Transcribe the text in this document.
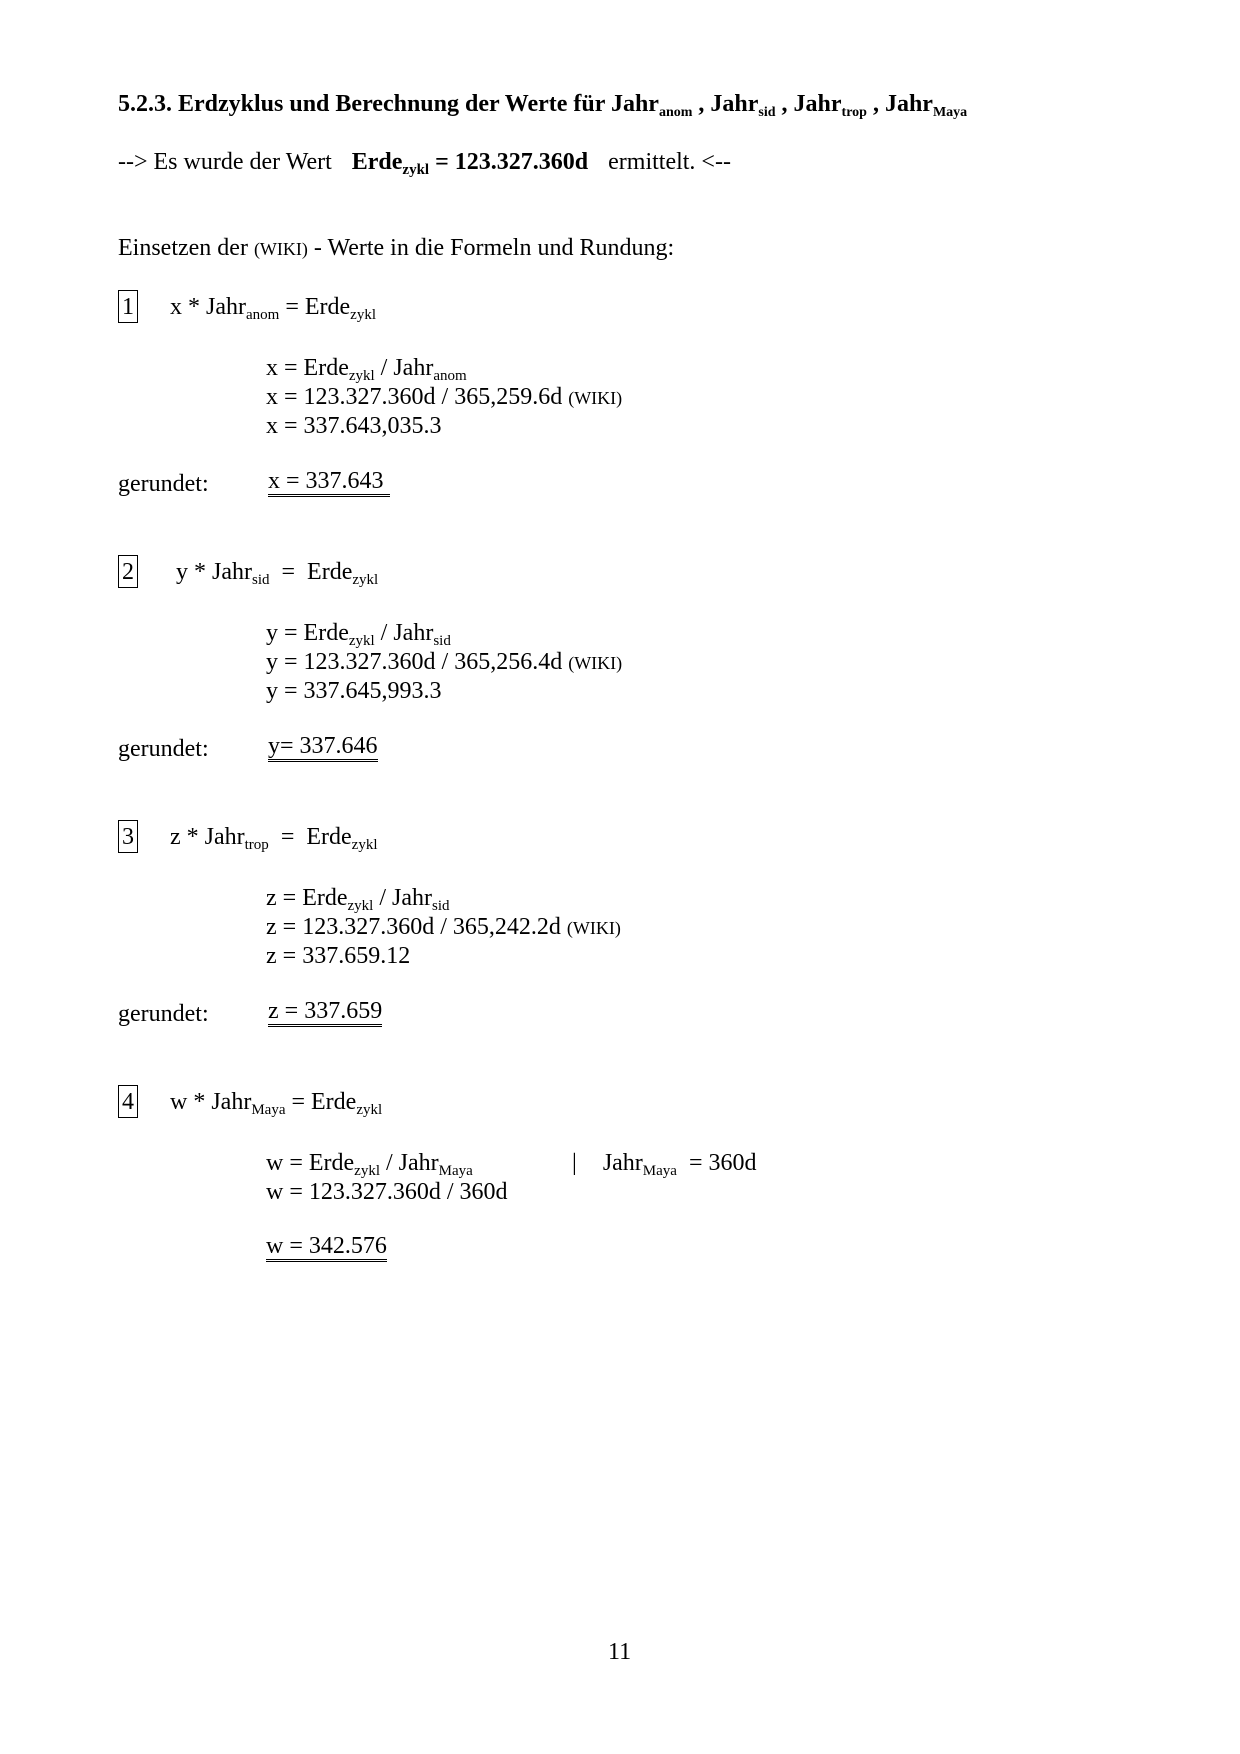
5.2.3. Erdzyklus und Berechnung der Werte für Jahr$_{anom}$ , Jahr$_{sid}$ , Jahr$_{trop}$ , Jahr$_{Maya}$
--> Es wurde der Wert Erde$_{zykl}$ = 123.327.360d ermittelt. <--
Einsetzen der (WIKI) - Werte in die Formeln und Rundung:
1 x * Jahr$_{anom}$ = Erde$_{zykl}$
x = Erde$_{zykl}$ / Jahr$_{anom}$
x = 123.327.360d / 365,259.6d (WIKI)
x = 337.643,035.3
gerundet: x = 337.643
2 y * Jahr$_{sid}$  =  Erde$_{zykl}$
y = Erde$_{zykl}$ / Jahr$_{sid}$
y = 123.327.360d / 365,256.4d (WIKI)
y = 337.645,993.3
gerundet: y= 337.646
3 z * Jahr$_{trop}$  =  Erde$_{zykl}$
z = Erde$_{zykl}$ / Jahr$_{sid}$
z = 123.327.360d / 365,242.2d (WIKI)
z = 337.659.12
gerundet: z = 337.659
4 w * Jahr$_{Maya}$ = Erde$_{zykl}$
w = Erde$_{zykl}$ / Jahr$_{Maya}$	| Jahr$_{Maya}$  = 360d
w = 123.327.360d / 360d
w = 342.576
11
